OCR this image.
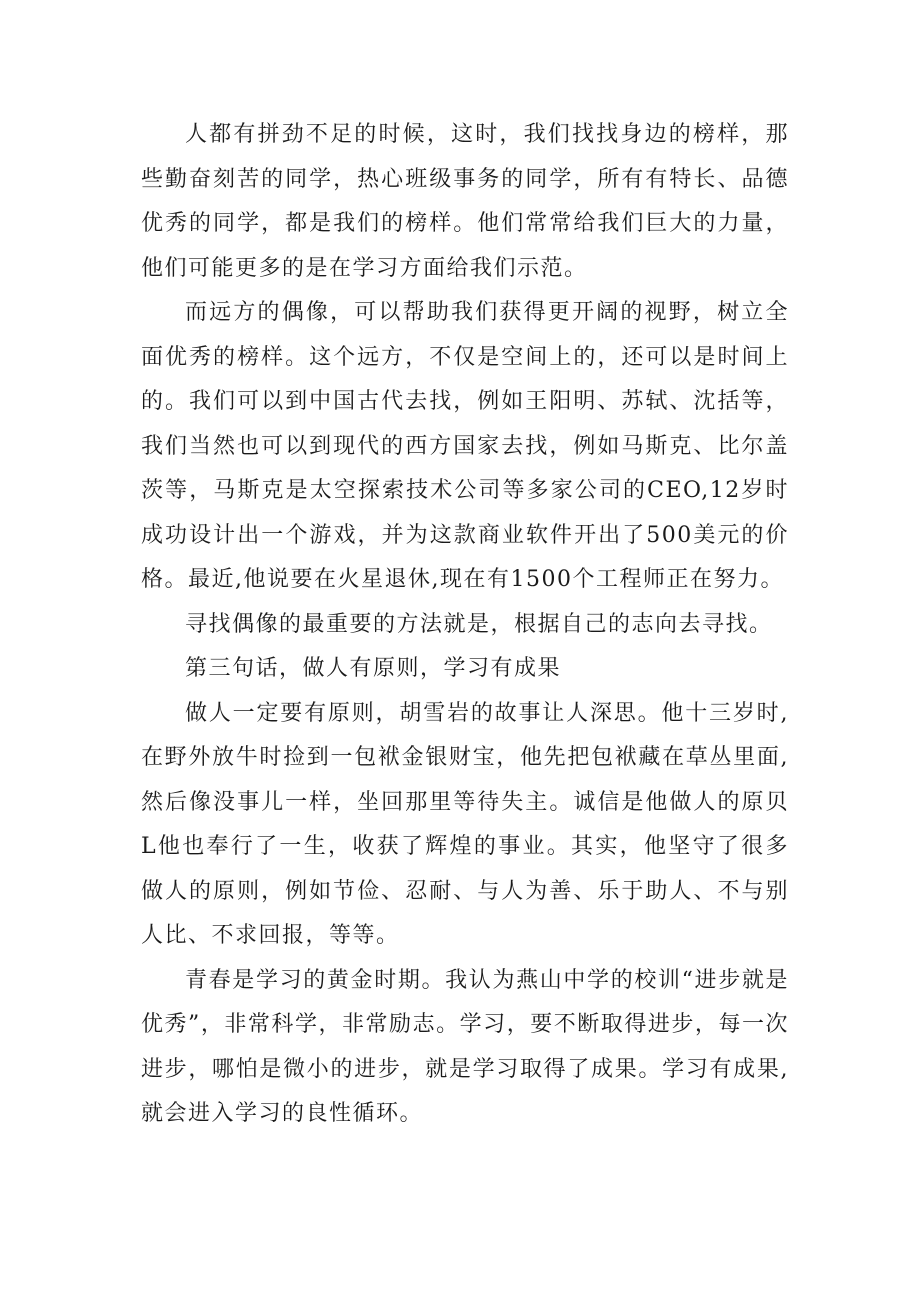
人都有拼劲不足的时候，这时，我们找找身边的榜样，那些勤奋刻苦的同学，热心班级事务的同学，所有有特长、品德优秀的同学，都是我们的榜样。他们常常给我们巨大的力量，他们可能更多的是在学习方面给我们示范。

而远方的偶像，可以帮助我们获得更开阔的视野，树立全面优秀的榜样。这个远方，不仅是空间上的，还可以是时间上的。我们可以到中国古代去找，例如王阳明、苏轼、沈括等，我们当然也可以到现代的西方国家去找，例如马斯克、比尔盖茨等，马斯克是太空探索技术公司等多家公司的CEO,12岁时成功设计出一个游戏，并为这款商业软件开出了500美元的价格。最近,他说要在火星退休,现在有1500个工程师正在努力。

寻找偶像的最重要的方法就是，根据自己的志向去寻找。

第三句话，做人有原则，学习有成果

做人一定要有原则，胡雪岩的故事让人深思。他十三岁时,在野外放牛时捡到一包袱金银财宝，他先把包袱藏在草丛里面,然后像没事儿一样，坐回那里等待失主。诚信是他做人的原贝L他也奉行了一生，收获了辉煌的事业。其实，他坚守了很多做人的原则，例如节俭、忍耐、与人为善、乐于助人、不与别人比、不求回报，等等。

青春是学习的黄金时期。我认为燕山中学的校训“进步就是优秀”，非常科学，非常励志。学习，要不断取得进步，每一次进步，哪怕是微小的进步，就是学习取得了成果。学习有成果,就会进入学习的良性循环。
